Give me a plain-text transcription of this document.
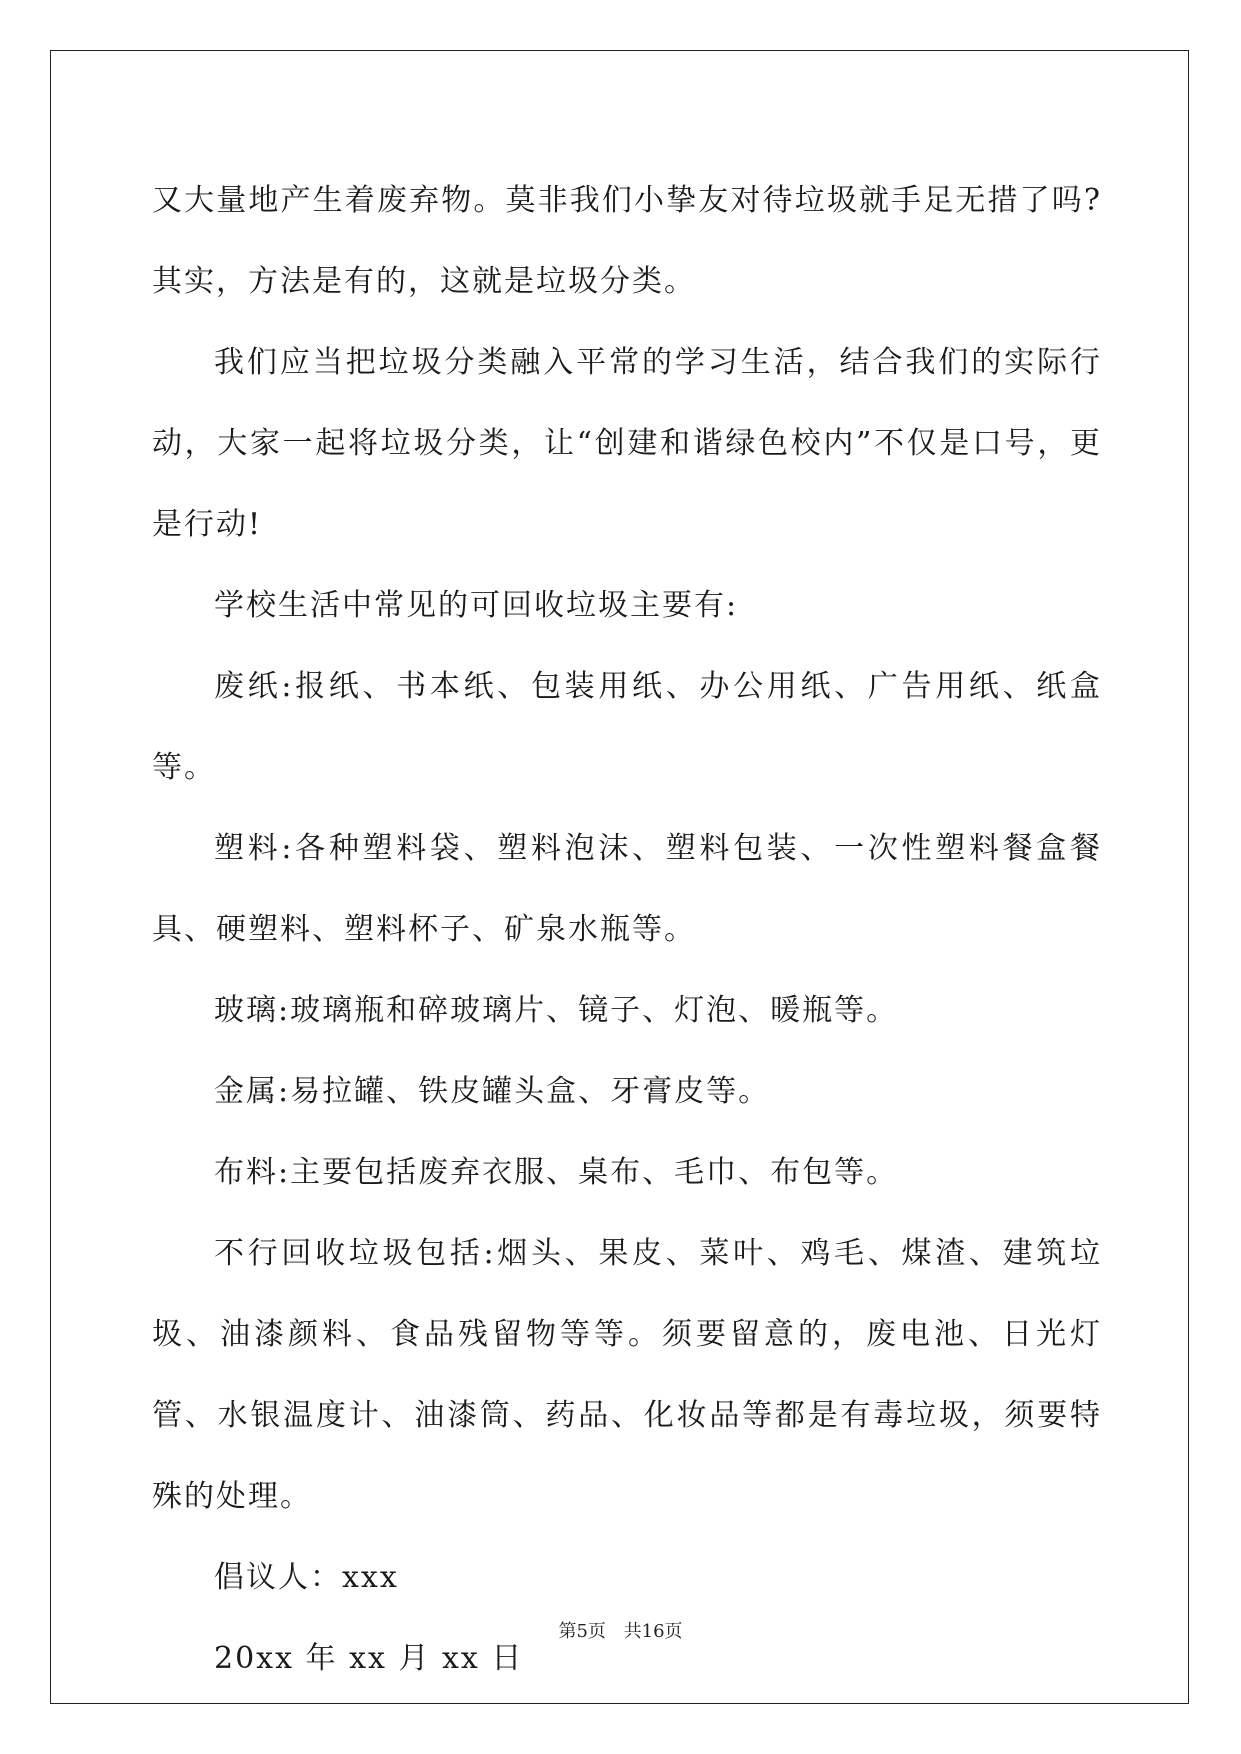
又大量地产生着废弃物。莫非我们小挚友对待垃圾就手足无措了吗?其实，方法是有的，这就是垃圾分类。

我们应当把垃圾分类融入平常的学习生活，结合我们的实际行动，大家一起将垃圾分类，让“创建和谐绿色校内”不仅是口号，更是行动!

学校生活中常见的可回收垃圾主要有:

废纸:报纸、书本纸、包装用纸、办公用纸、广告用纸、纸盒等。

塑料:各种塑料袋、塑料泡沫、塑料包装、一次性塑料餐盒餐具、硬塑料、塑料杯子、矿泉水瓶等。

玻璃:玻璃瓶和碎玻璃片、镜子、灯泡、暖瓶等。

金属:易拉罐、铁皮罐头盒、牙膏皮等。

布料:主要包括废弃衣服、桌布、毛巾、布包等。

不行回收垃圾包括:烟头、果皮、菜叶、鸡毛、煤渣、建筑垃圾、油漆颜料、食品残留物等等。须要留意的，废电池、日光灯管、水银温度计、油漆筒、药品、化妆品等都是有毒垃圾，须要特殊的处理。

倡议人：xxx

20xx 年 xx 月 xx 日

第5页 共16页
